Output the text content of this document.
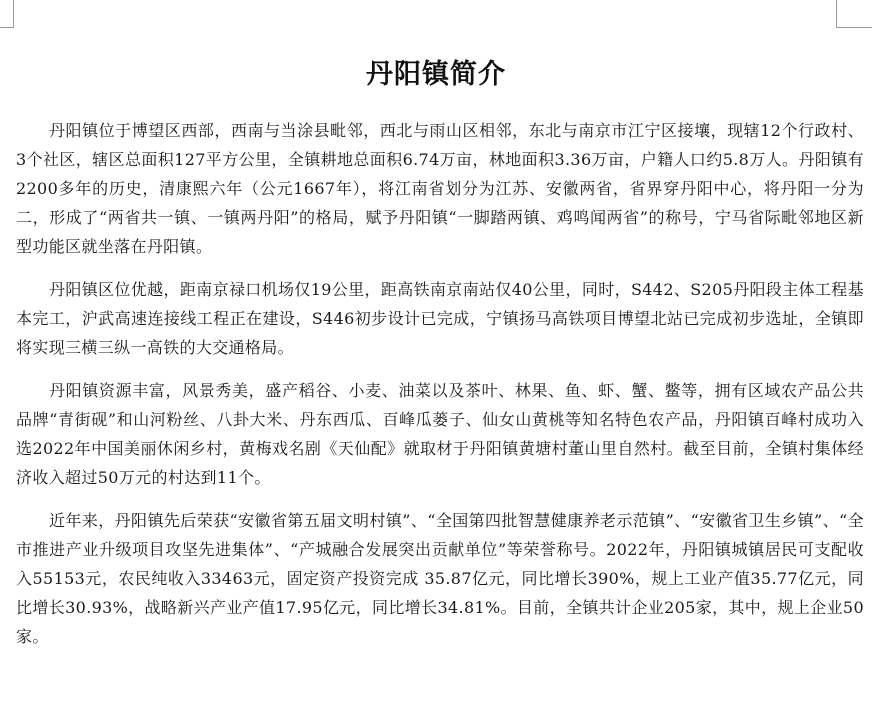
丹阳镇简介

丹阳镇位于博望区西部，西南与当涂县毗邻，西北与雨山区相邻，东北与南京市江宁区接壤，现辖12个行政村、3个社区，辖区总面积127平方公里，全镇耕地总面积6.74万亩，林地面积3.36万亩，户籍人口约5.8万人。丹阳镇有2200多年的历史，清康熙六年（公元1667年），将江南省划分为江苏、安徽两省，省界穿丹阳中心，将丹阳一分为二，形成了“两省共一镇、一镇两丹阳”的格局，赋予丹阳镇“一脚踏两镇、鸡鸣闻两省”的称号，宁马省际毗邻地区新型功能区就坐落在丹阳镇。

丹阳镇区位优越，距南京禄口机场仅19公里，距高铁南京南站仅40公里，同时，S442、S205丹阳段主体工程基本完工，沪武高速连接线工程正在建设，S446初步设计已完成，宁镇扬马高铁项目博望北站已完成初步选址，全镇即将实现三横三纵一高铁的大交通格局。

丹阳镇资源丰富，风景秀美，盛产稻谷、小麦、油菜以及茶叶、林果、鱼、虾、蟹、鳖等，拥有区域农产品公共品牌“青街砚”和山河粉丝、八卦大米、丹东西瓜、百峰瓜蒌子、仙女山黄桃等知名特色农产品，丹阳镇百峰村成功入选2022年中国美丽休闲乡村，黄梅戏名剧《天仙配》就取材于丹阳镇黄塘村董山里自然村。截至目前，全镇村集体经济收入超过50万元的村达到11个。

近年来，丹阳镇先后荣获“安徽省第五届文明村镇”、“全国第四批智慧健康养老示范镇”、“安徽省卫生乡镇”、“全市推进产业升级项目攻坚先进集体”、“产城融合发展突出贡献单位”等荣誉称号。2022年，丹阳镇城镇居民可支配收入55153元，农民纯收入33463元，固定资产投资完成 35.87亿元，同比增长390%，规上工业产值35.77亿元，同比增长30.93%，战略新兴产业产值17.95亿元，同比增长34.81%。目前，全镇共计企业205家，其中，规上企业50家。
